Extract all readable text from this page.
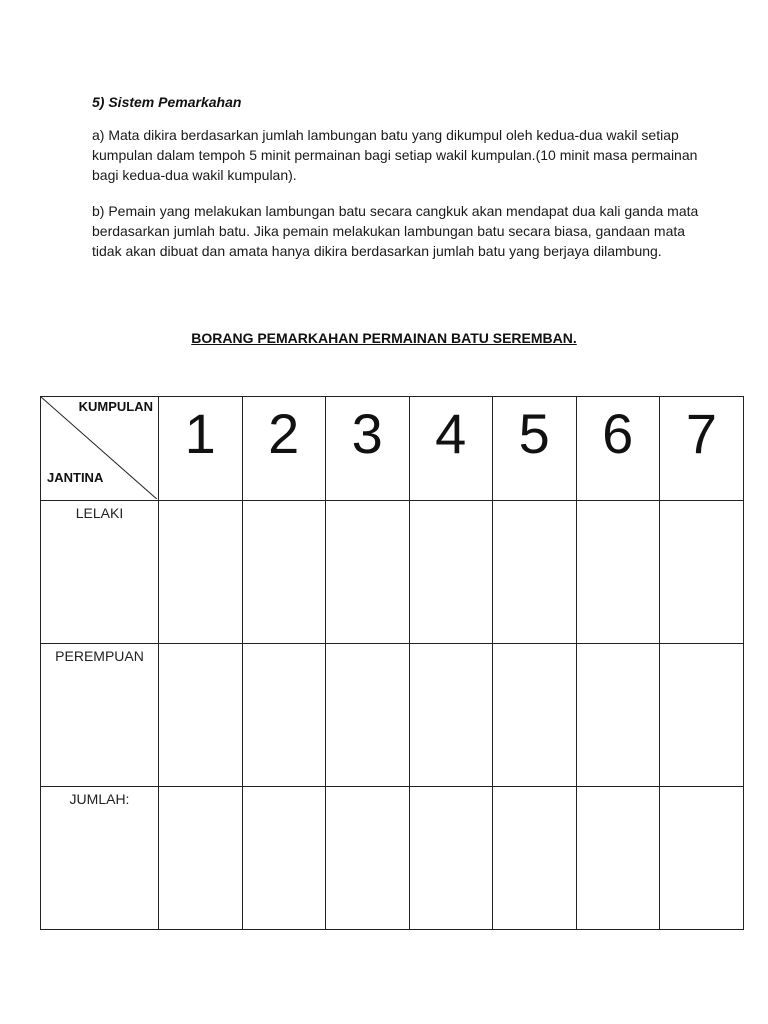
5) Sistem Pemarkahan

a) Mata dikira berdasarkan jumlah lambungan batu yang dikumpul oleh kedua-dua wakil setiap kumpulan dalam tempoh 5 minit permainan bagi setiap wakil kumpulan.(10 minit masa permainan bagi kedua-dua wakil kumpulan).

b) Pemain yang melakukan lambungan batu secara cangkuk akan mendapat dua kali ganda mata berdasarkan jumlah batu. Jika pemain melakukan lambungan batu secara biasa, gandaan mata tidak akan dibuat dan amata hanya dikira berdasarkan jumlah batu yang berjaya dilambung.

BORANG PEMARKAHAN PERMAINAN BATU SEREMBAN.

KUMPULAN
JANTINA	1	2	3	4	5	6	7
LELAKI							
PEREMPUAN							
JUMLAH:							
